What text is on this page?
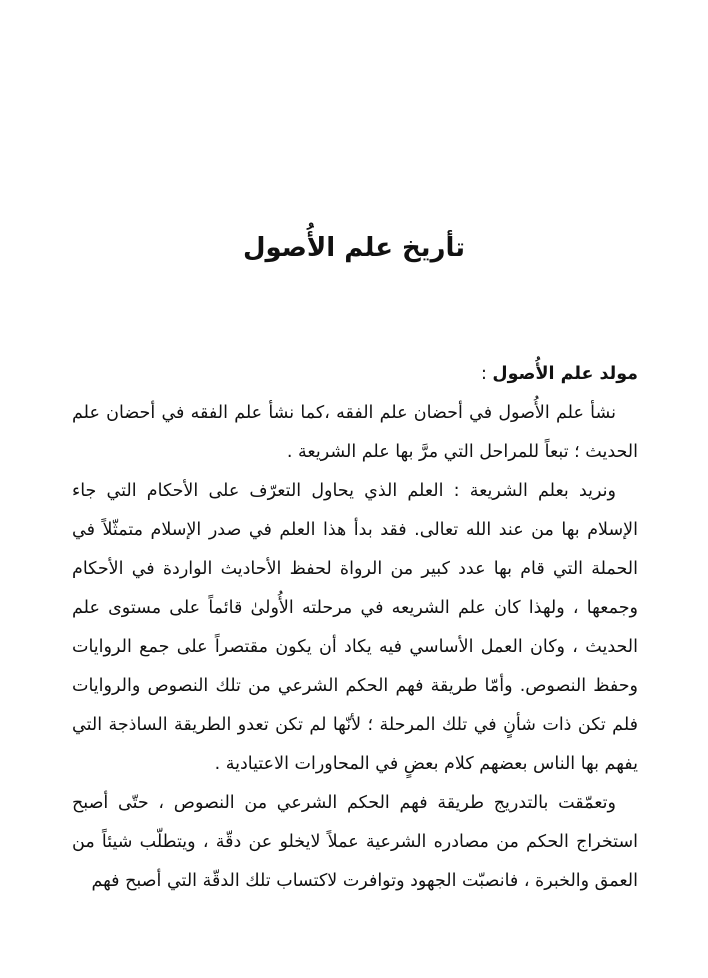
تأريخ علم الأُصول

مولد علم الأُصول :

نشأ علم الأُصول في أحضان علم الفقه ،كما نشأ علم الفقه في أحضان علم الحديث ؛ تبعاً للمراحل التي مرَّ بها علم الشريعة .

ونريد بعلم الشريعة : العلم الذي يحاول التعرّف على الأحكام التي جاء الإسلام بها من عند الله تعالى. فقد بدأ هذا العلم في صدر الإسلام متمثّلاً في الحملة التي قام بها عدد كبير من الرواة لحفظ الأحاديث الواردة في الأحكام وجمعها ، ولهذا كان علم الشريعه في مرحلته الأُولىٰ قائماً على مستوى علم الحديث ، وكان العمل الأساسي فيه يكاد أن يكون مقتصراً على جمع الروايات وحفظ النصوص. وأمّا طريقة فهم الحكم الشرعي من تلك النصوص والروايات فلم تكن ذات شأنٍ في تلك المرحلة ؛ لأنّها لم تكن تعدو الطريقة الساذجة التي يفهم بها الناس بعضهم كلام بعضٍ في المحاورات الاعتيادية .

وتعمّقت بالتدريج طريقة فهم الحكم الشرعي من النصوص ، حتّى أصبح استخراج الحكم من مصادره الشرعية عملاً لايخلو عن دقّة ، ويتطلّب شيئاً من العمق والخبرة ، فانصبّت الجهود وتوافرت لاكتساب تلك الدقّة التي أصبح فهم
